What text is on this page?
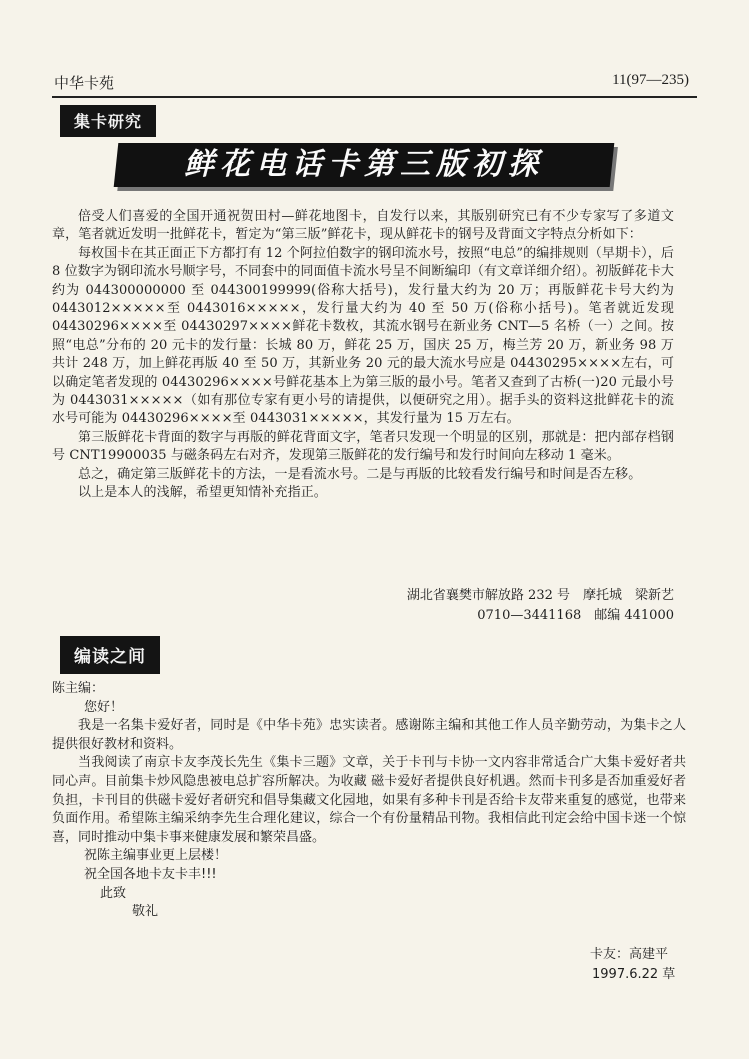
中华卡苑	11(97—235)
集卡研究
鲜花电话卡第三版初探

倍受人们喜爱的全国开通祝贺田村—鲜花地图卡，自发行以来，其版别研究已有不少专家写了多道文章，笔者就近发明一批鲜花卡，暂定为“第三版”鲜花卡，现从鲜花卡的钢号及背面文字特点分析如下：

每枚国卡在其正面正下方都打有 12 个阿拉伯数字的钢印流水号，按照“电总”的编排规则（早期卡），后 8 位数字为钢印流水号顺字号，不同套中的同面值卡流水号呈不间断编印（有文章详细介绍）。初版鲜花卡大约为 044300000000 至 044300199999(俗称大括号)，发行量大约为 20 万；再版鲜花卡号大约为 0443012×××××至 0443016×××××，发行量大约为 40 至 50 万(俗称小括号)。笔者就近发现 04430296××××至 04430297××××鲜花卡数枚，其流水钢号在新业务 CNT—5 名桥（一）之间。按照“电总”分布的 20 元卡的发行量：长城 80 万，鲜花 25 万，国庆 25 万，梅兰芳 20 万，新业务 98 万共计 248 万，加上鲜花再版 40 至 50 万，其新业务 20 元的最大流水号应是 04430295××××左右，可以确定笔者发现的 04430296××××号鲜花基本上为第三版的最小号。笔者又查到了古桥(一)20 元最小号为 0443031×××××（如有那位专家有更小号的请提供，以便研究之用）。据手头的资料这批鲜花卡的流水号可能为 04430296××××至 0443031×××××，其发行量为 15 万左右。

第三版鲜花卡背面的数字与再版的鲜花背面文字，笔者只发现一个明显的区别，那就是：把内部存档钢号 CNT19900035 与磁条码左右对齐，发现第三版鲜花的发行编号和发行时间向左移动 1 毫米。

总之，确定第三版鲜花卡的方法，一是看流水号。二是与再版的比较看发行编号和时间是否左移。

以上是本人的浅解，希望更知情补充指正。

湖北省襄樊市解放路 232 号　摩托城　梁新艺
0710—3441168　邮编 441000
编读之间

陈主编：

您好！

我是一名集卡爱好者，同时是《中华卡苑》忠实读者。感谢陈主编和其他工作人员辛勤劳动，为集卡之人提供很好教材和资料。

当我阅读了南京卡友李茂长先生《集卡三题》文章，关于卡刊与卡协一文内容非常适合广大集卡爱好者共同心声。目前集卡炒风隐患被电总扩容所解决。为收藏 磁卡爱好者提供良好机遇。然而卡刊多是否加重爱好者负担，卡刊目的供磁卡爱好者研究和倡导集藏文化园地，如果有多种卡刊是否给卡友带来重复的感觉，也带来负面作用。希望陈主编采纳李先生合理化建议，综合一个有份量精品刊物。我相信此刊定会给中国卡迷一个惊喜，同时推动中集卡事来健康发展和繁荣昌盛。

祝陈主编事业更上层楼！

祝全国各地卡友卡丰!!!

此致

敬礼

卡友：高建平
1997.6.22 草
